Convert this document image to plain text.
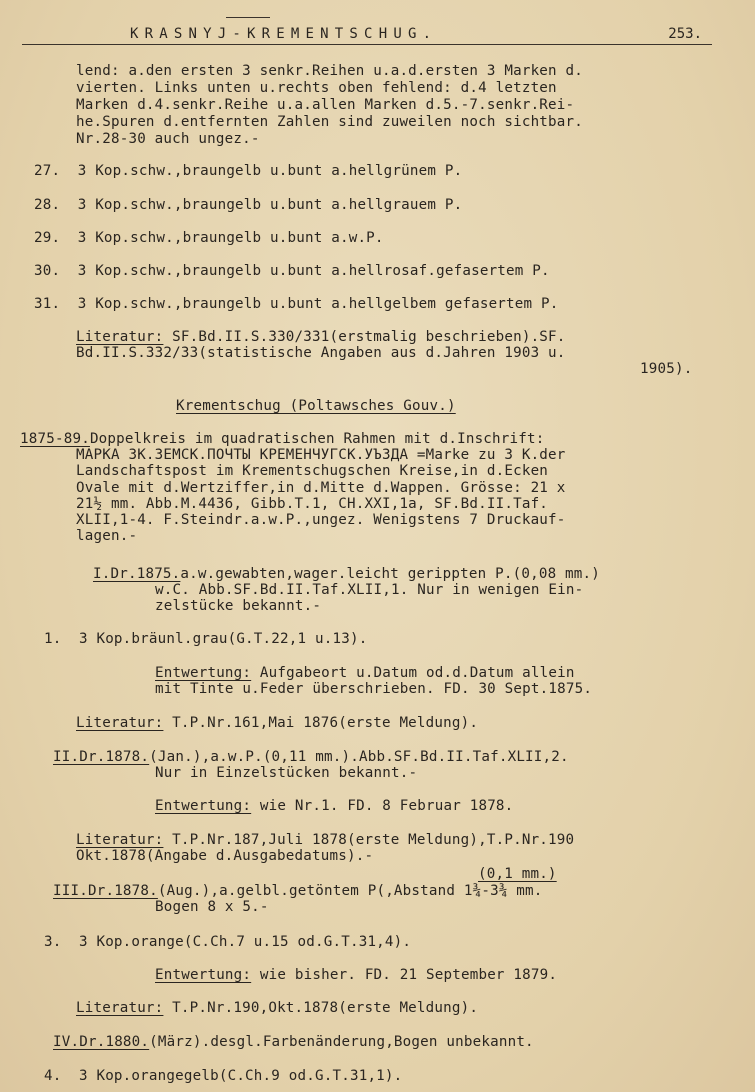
KRASNYJ-KREMENTSCHUG.	253.
lend: a.den ersten 3 senkr.Reihen u.a.d.ersten 3 Marken d.
vierten. Links unten u.rechts oben fehlend: d.4 letzten
Marken d.4.senkr.Reihe u.a.allen Marken d.5.-7.senkr.Rei-
he.Spuren d.entfernten Zahlen sind zuweilen noch sichtbar.
Nr.28-30 auch ungez.-
27.  3 Kop.schw.,braungelb u.bunt a.hellgrünem P.
28.  3 Kop.schw.,braungelb u.bunt a.hellgrauem P.
29.  3 Kop.schw.,braungelb u.bunt a.w.P.
30.  3 Kop.schw.,braungelb u.bunt a.hellrosaf.gefasertem P.
31.  3 Kop.schw.,braungelb u.bunt a.hellgelbem gefasertem P.
Literatur: SF.Bd.II.S.330/331(erstmalig beschrieben).SF.
Bd.II.S.332/33(statistische Angaben aus d.Jahren 1903 u.
1905).
Krementschug (Poltawsches Gouv.)
1875-89.Doppelkreis im quadratischen Rahmen mit d.Inschrift:
МАРКА 3К.ЗЕМСК.ПОЧТЫ КРЕМЕНЧУГСК.УЪЗДА =Marke zu 3 K.der
Landschaftspost im Krementschugschen Kreise,in d.Ecken
Ovale mit d.Wertziffer,in d.Mitte d.Wappen. Grösse: 21 x
21½ mm. Abb.M.4436, Gibb.T.1, CH.XXI,1a, SF.Bd.II.Taf.
XLII,1-4. F.Steindr.a.w.P.,ungez. Wenigstens 7 Druckauf-
lagen.-
I.Dr.1875.a.w.gewabten,wager.leicht gerippten P.(0,08 mm.)
w.C. Abb.SF.Bd.II.Taf.XLII,1. Nur in wenigen Ein-
zelstücke bekannt.-
1.  3 Kop.bräunl.grau(G.T.22,1 u.13).
Entwertung: Aufgabeort u.Datum od.d.Datum allein
mit Tinte u.Feder überschrieben. FD. 30 Sept.1875.
Literatur: T.P.Nr.161,Mai 1876(erste Meldung).
II.Dr.1878.(Jan.),a.w.P.(0,11 mm.).Abb.SF.Bd.II.Taf.XLII,2.
Nur in Einzelstücken bekannt.-
Entwertung: wie Nr.1. FD. 8 Februar 1878.
Literatur: T.P.Nr.187,Juli 1878(erste Meldung),T.P.Nr.190
Okt.1878(Angabe d.Ausgabedatums).-
(0,1 mm.)
III.Dr.1878.(Aug.),a.gelbl.getöntem P(,Abstand 1¾-3¾ mm.
Bogen 8 x 5.-
3.  3 Kop.orange(C.Ch.7 u.15 od.G.T.31,4).
Entwertung: wie bisher. FD. 21 September 1879.
Literatur: T.P.Nr.190,Okt.1878(erste Meldung).
IV.Dr.1880.(März).desgl.Farbenänderung,Bogen unbekannt.
4.  3 Kop.orangegelb(C.Ch.9 od.G.T.31,1).
